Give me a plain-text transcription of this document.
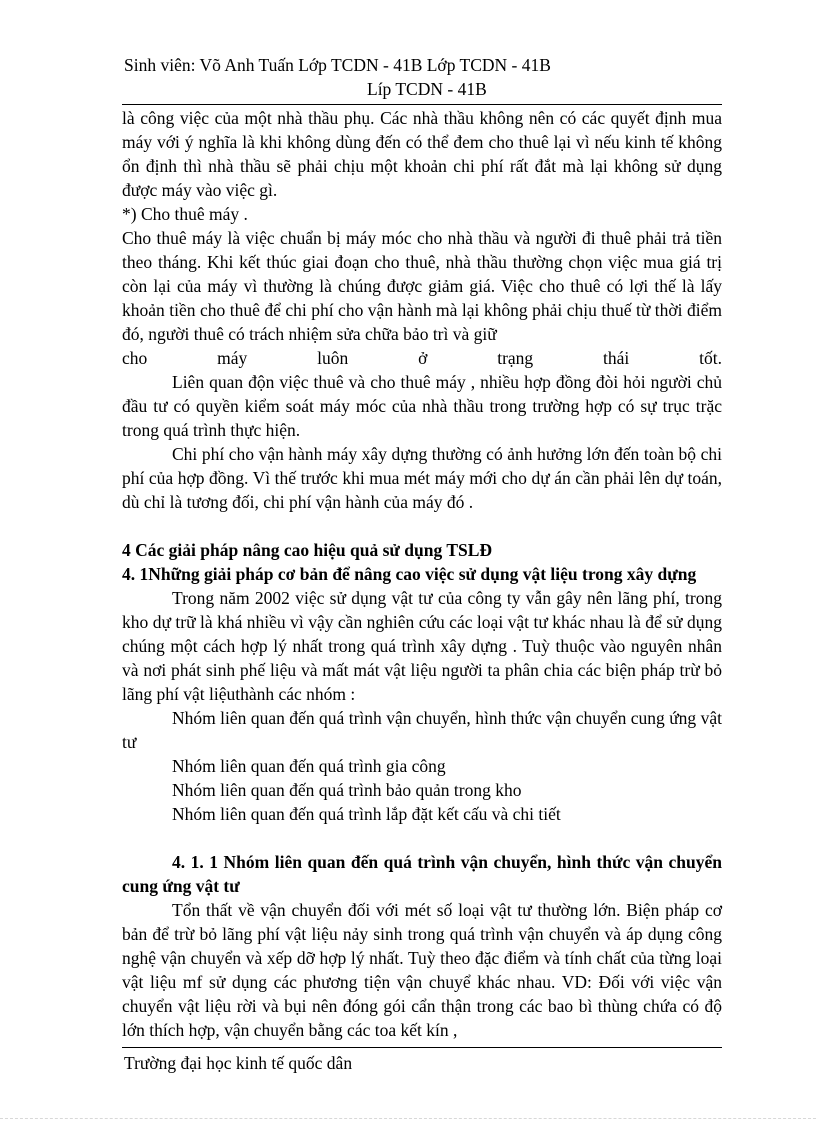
Sinh viên: Võ Anh Tuấn Lớp TCDN - 41B Lớp TCDN - 41B
Líp TCDN - 41B

là công việc của một nhà thầu phụ. Các nhà thầu không nên có các quyết định mua máy với ý nghĩa là khi không dùng đến có thể đem cho thuê lại vì nếu kinh tế không ổn định thì nhà thầu sẽ phải chịu một khoản chi phí rất đắt mà lại không sử dụng được máy vào việc gì.

*) Cho thuê máy .

Cho thuê máy là việc chuẩn bị máy móc cho nhà thầu và người đi thuê phải trả tiền theo tháng. Khi kết thúc giai đoạn cho thuê, nhà thầu thường chọn việc mua giá trị còn lại của máy vì thường là chúng được giảm giá. Việc cho thuê có lợi thế là lấy khoản tiền cho thuê để chi phí cho vận hành mà lại không phải chịu thuế từ thời điểm đó, người thuê có trách nhiệm sửa chữa bảo trì và giữ

cho máy luôn ở trạng thái tốt.

Liên quan độn việc thuê và cho thuê máy , nhiều hợp đồng đòi hỏi người chủ đầu tư có quyền kiểm soát máy móc của nhà thầu trong trường hợp có sự trục trặc trong quá trình thực hiện.

Chi phí cho vận hành máy xây dựng thường có ảnh hưởng lớn đến toàn bộ chi phí của hợp đồng. Vì thế trước khi mua mét máy mới cho dự án cần phải lên dự toán, dù chỉ là tương đối, chi phí vận hành của máy đó .

4 Các giải pháp nâng cao hiệu quả sử dụng TSLĐ

4. 1Những giải pháp cơ bản để nâng cao việc sử dụng vật liệu trong xây dựng

Trong năm 2002 việc sử dụng vật tư của công ty vẫn gây nên lãng phí, trong kho dự trữ là khá nhiều vì vậy cần nghiên cứu các loại vật tư khác nhau là để sử dụng chúng một cách hợp lý nhất trong quá trình xây dựng . Tuỳ thuộc vào nguyên nhân và nơi phát sinh phế liệu và mất mát vật liệu người ta phân chia các biện pháp trừ bỏ lãng phí vật liệuthành các nhóm :

Nhóm liên quan đến quá trình vận chuyển, hình thức vận chuyển cung ứng vật tư

Nhóm liên quan đến quá trình gia công

Nhóm liên quan đến quá trình bảo quản trong kho

Nhóm liên quan đến quá trình lắp đặt kết cấu và chi tiết

4. 1. 1 Nhóm liên quan đến quá trình vận chuyển, hình thức vận chuyển cung ứng vật tư

Tổn thất về vận chuyển đối với mét số loại vật tư thường lớn. Biện pháp cơ bản để trừ bỏ lãng phí vật liệu nảy sinh trong quá trình vận chuyển và áp dụng công nghệ vận chuyển và xếp dỡ hợp lý nhất. Tuỳ theo đặc điểm và tính chất của từng loại vật liệu mf sử dụng các phương tiện vận chuyể khác nhau. VD: Đối với việc vận chuyển vật liệu rời và bụi nên đóng gói cẩn thận trong các bao bì thùng chứa có độ lớn thích hợp, vận chuyển bằng các toa kết kín ,

Trường đại học kinh tế quốc dân
